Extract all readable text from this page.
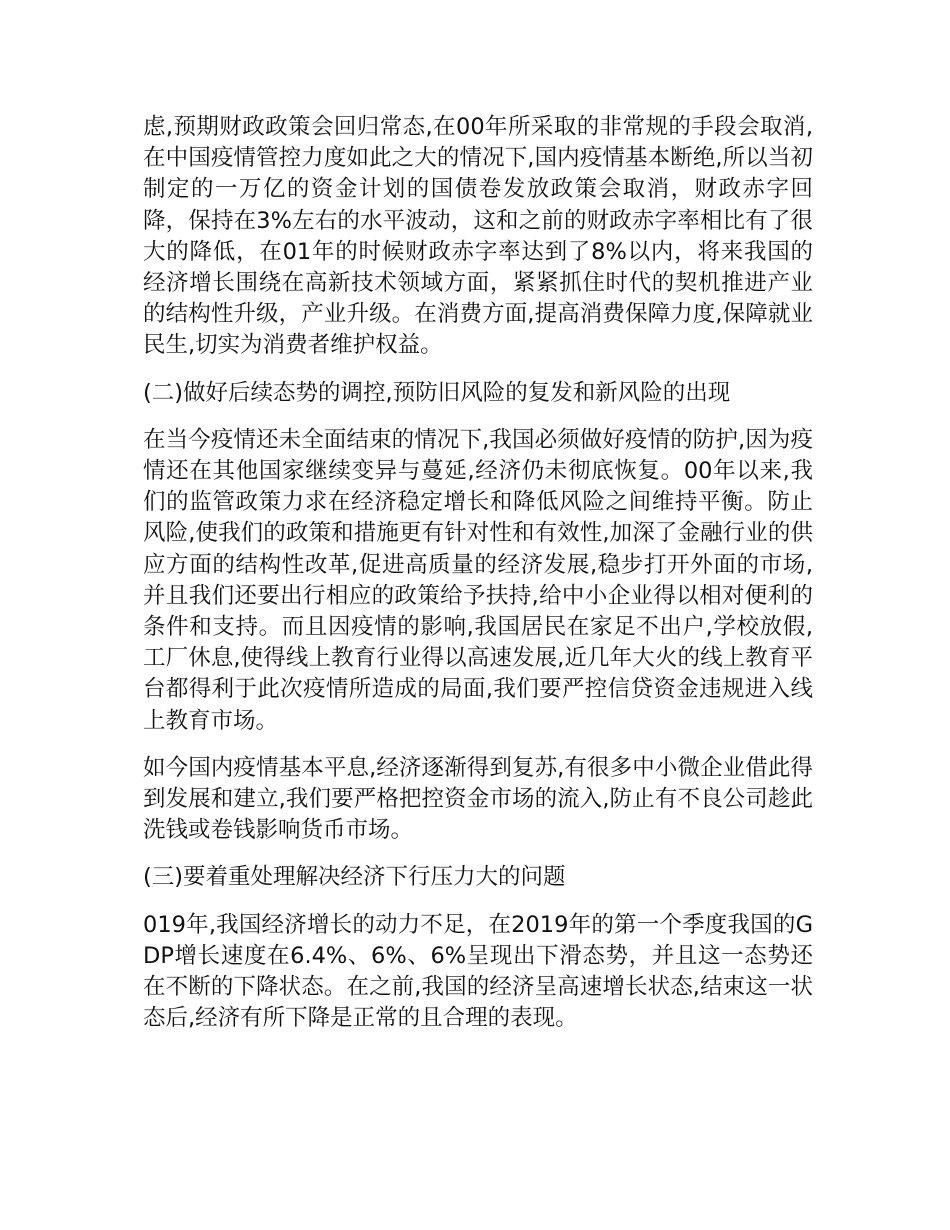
虑,预期财政政策会回归常态,在00年所采取的非常规的手段会取消,在中国疫情管控力度如此之大的情况下,国内疫情基本断绝,所以当初制定的一万亿的资金计划的国债卷发放政策会取消，财政赤字回降，保持在3%左右的水平波动，这和之前的财政赤字率相比有了很大的降低，在01年的时候财政赤字率达到了8%以内，将来我国的经济增长围绕在高新技术领域方面，紧紧抓住时代的契机推进产业的结构性升级，产业升级。在消费方面,提高消费保障力度,保障就业民生,切实为消费者维护权益。

(二)做好后续态势的调控,预防旧风险的复发和新风险的出现

在当今疫情还未全面结束的情况下,我国必须做好疫情的防护,因为疫情还在其他国家继续变异与蔓延,经济仍未彻底恢复。00年以来,我们的监管政策力求在经济稳定增长和降低风险之间维持平衡。防止风险,使我们的政策和措施更有针对性和有效性,加深了金融行业的供应方面的结构性改革,促进高质量的经济发展,稳步打开外面的市场,并且我们还要出行相应的政策给予扶持,给中小企业得以相对便利的条件和支持。而且因疫情的影响,我国居民在家足不出户,学校放假,工厂休息,使得线上教育行业得以高速发展,近几年大火的线上教育平台都得利于此次疫情所造成的局面,我们要严控信贷资金违规进入线上教育市场。

如今国内疫情基本平息,经济逐渐得到复苏,有很多中小微企业借此得到发展和建立,我们要严格把控资金市场的流入,防止有不良公司趁此洗钱或卷钱影响货币市场。

(三)要着重处理解决经济下行压力大的问题

019年,我国经济增长的动力不足，在2019年的第一个季度我国的GDP增长速度在6.4%、6%、6%呈现出下滑态势，并且这一态势还在不断的下降状态。在之前,我国的经济呈高速增长状态,结束这一状态后,经济有所下降是正常的且合理的表现。
